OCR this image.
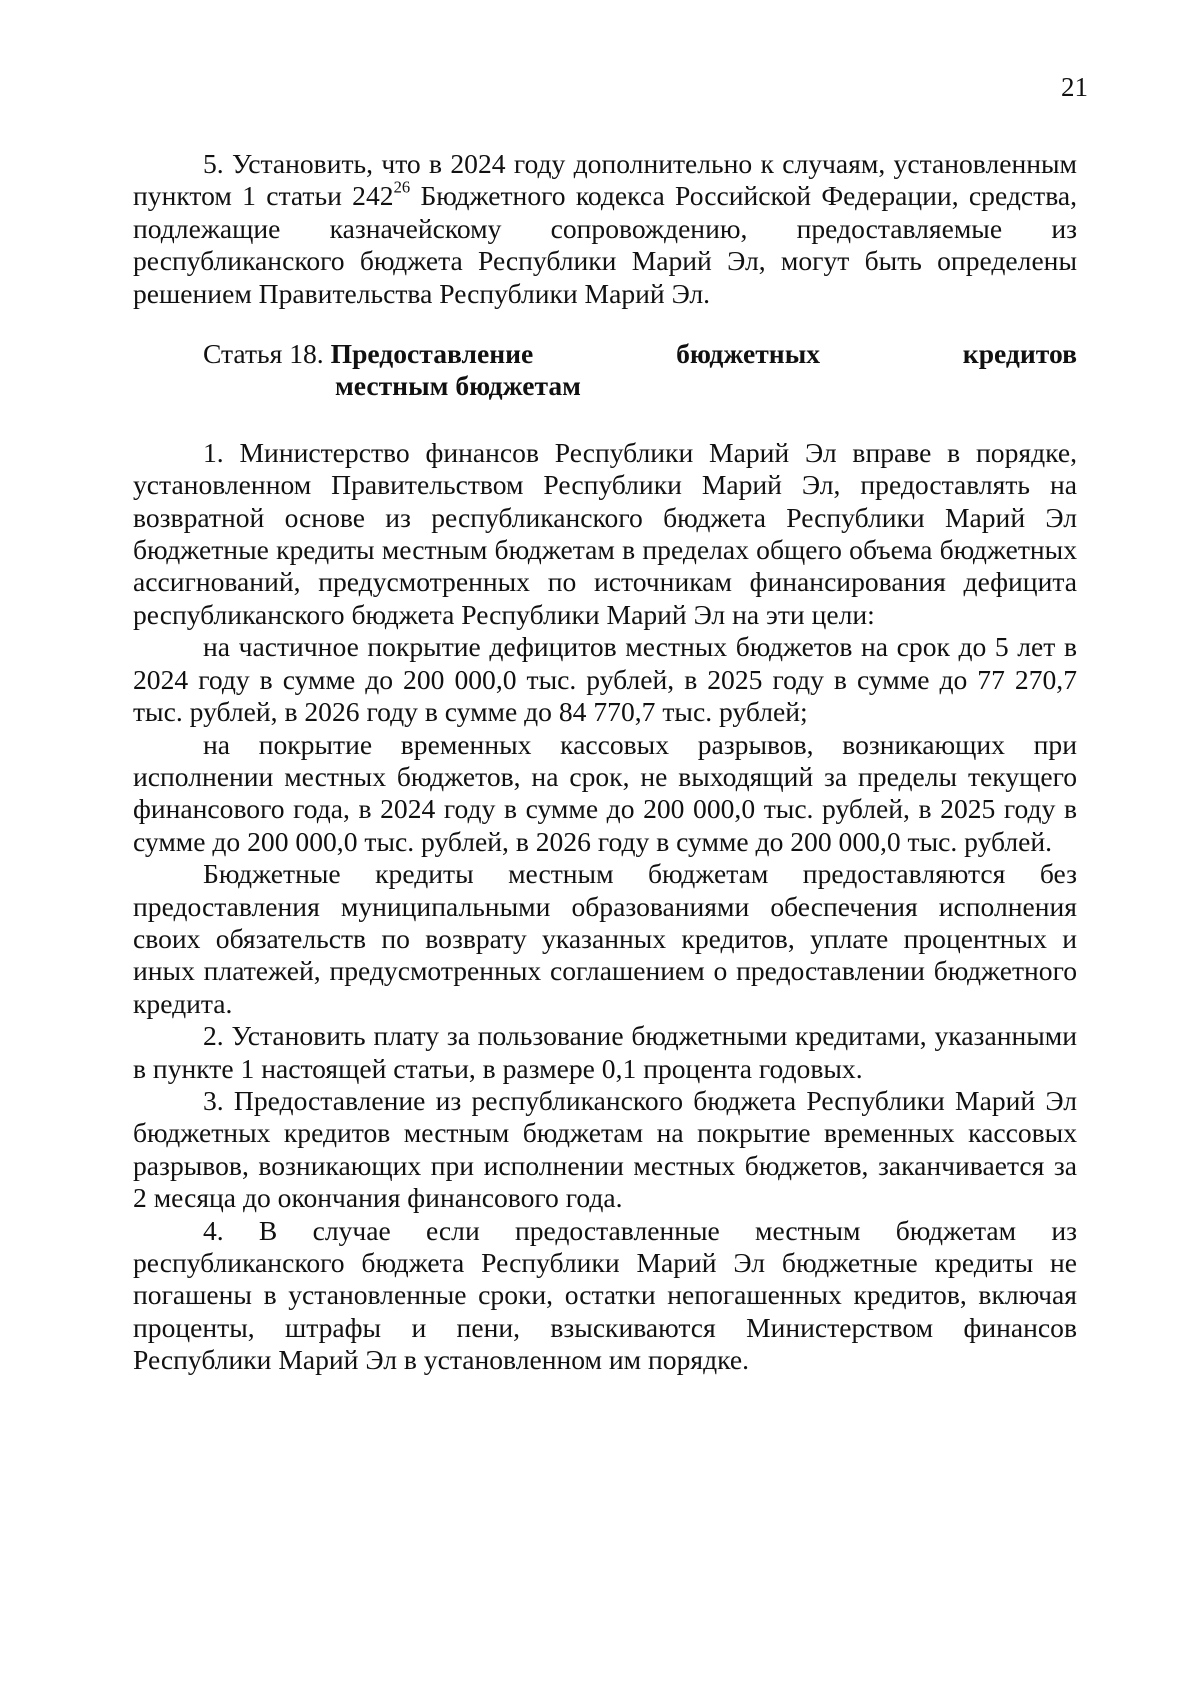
21

5. Установить, что в 2024 году дополнительно к случаям, установленным пунктом 1 статьи $242^{26}$ Бюджетного кодекса Российской Федерации, средства, подлежащие казначейскому сопровождению, предоставляемые из республиканского бюджета Республики Марий Эл, могут быть определены решением Правительства Республики Марий Эл.

Статья 18. Предоставление	бюджетных	кредитов
местным бюджетам

1. Министерство финансов Республики Марий Эл вправе в порядке, установленном Правительством Республики Марий Эл, предоставлять на возвратной основе из республиканского бюджета Республики Марий Эл бюджетные кредиты местным бюджетам в пределах общего объема бюджетных ассигнований, предусмотренных по источникам финансирования дефицита республиканского бюджета Республики Марий Эл на эти цели:

на частичное покрытие дефицитов местных бюджетов на срок до 5 лет в 2024 году в сумме до 200 000,0 тыс. рублей, в 2025 году в сумме до 77 270,7 тыс. рублей, в 2026 году в сумме до 84 770,7 тыс. рублей;

на покрытие временных кассовых разрывов, возникающих при исполнении местных бюджетов, на срок, не выходящий за пределы текущего финансового года, в 2024 году в сумме до 200 000,0 тыс. рублей, в 2025 году в сумме до 200 000,0 тыс. рублей, в 2026 году в сумме до 200 000,0 тыс. рублей.

Бюджетные кредиты местным бюджетам предоставляются без предоставления муниципальными образованиями обеспечения исполнения своих обязательств по возврату указанных кредитов, уплате процентных и иных платежей, предусмотренных соглашением о предоставлении бюджетного кредита.

2. Установить плату за пользование бюджетными кредитами, указанными в пункте 1 настоящей статьи, в размере 0,1 процента годовых.

3. Предоставление из республиканского бюджета Республики Марий Эл бюджетных кредитов местным бюджетам на покрытие временных кассовых разрывов, возникающих при исполнении местных бюджетов, заканчивается за 2 месяца до окончания финансового года.

4. В случае если предоставленные местным бюджетам из республиканского бюджета Республики Марий Эл бюджетные кредиты не погашены в установленные сроки, остатки непогашенных кредитов, включая проценты, штрафы и пени, взыскиваются Министерством финансов Республики Марий Эл в установленном им порядке.
